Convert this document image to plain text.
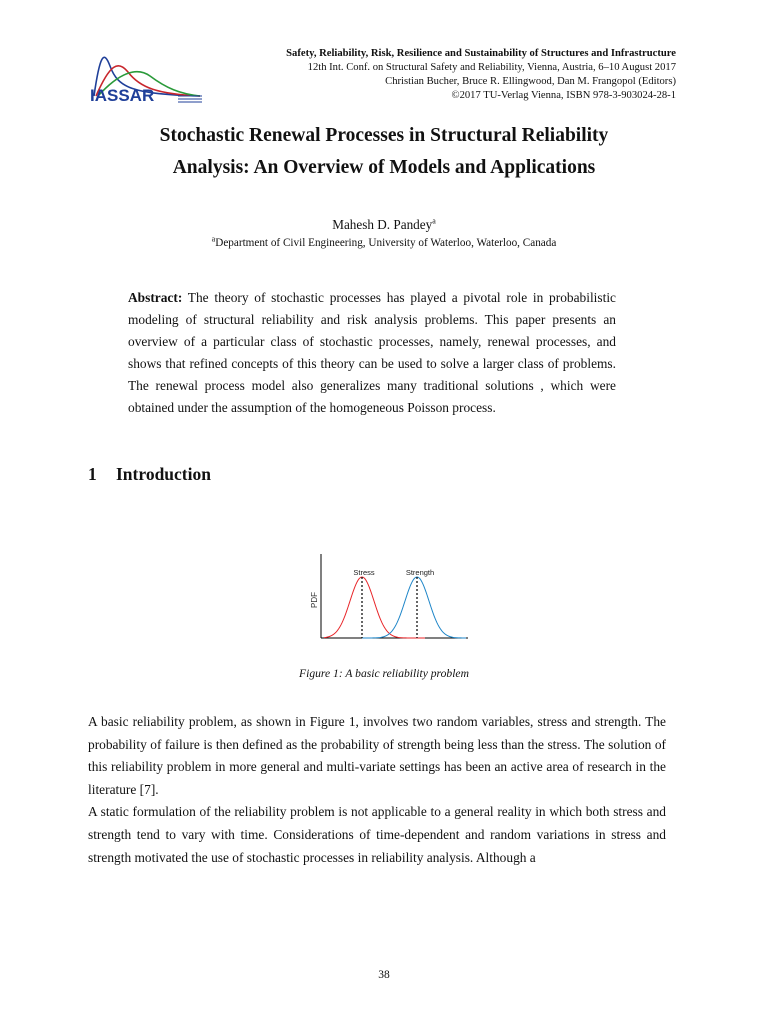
IASSAR
Safety, Reliability, Risk, Resilience and Sustainability of Structures and Infrastructure
12th Int. Conf. on Structural Safety and Reliability, Vienna, Austria, 6–10 August 2017
Christian Bucher, Bruce R. Ellingwood, Dan M. Frangopol (Editors)
©2017 TU-Verlag Vienna, ISBN 978-3-903024-28-1
Stochastic Renewal Processes in Structural Reliability
Analysis: An Overview of Models and Applications
Mahesh D. Pandey$^a$
$^a$Department of Civil Engineering, University of Waterloo, Waterloo, Canada
Abstract: The theory of stochastic processes has played a pivotal role in probabilistic modeling of structural reliability and risk analysis problems. This paper presents an overview of a particular class of stochastic processes, namely, renewal processes, and shows that refined concepts of this theory can be used to solve a larger class of problems. The renewal process model also generalizes many traditional solutions , which were obtained under the assumption of the homogeneous Poisson process.
1 Introduction
PDF
Stress	Strength
Figure 1: A basic reliability problem

A basic reliability problem, as shown in Figure 1, involves two random variables, stress and strength. The probability of failure is then defined as the probability of strength being less than the stress. The solution of this reliability problem in more general and multi-variate settings has been an active area of research in the literature [7].

A static formulation of the reliability problem is not applicable to a general reality in which both stress and strength tend to vary with time. Considerations of time-dependent and random variations in stress and strength motivated the use of stochastic processes in reliability analysis. Although a

38
